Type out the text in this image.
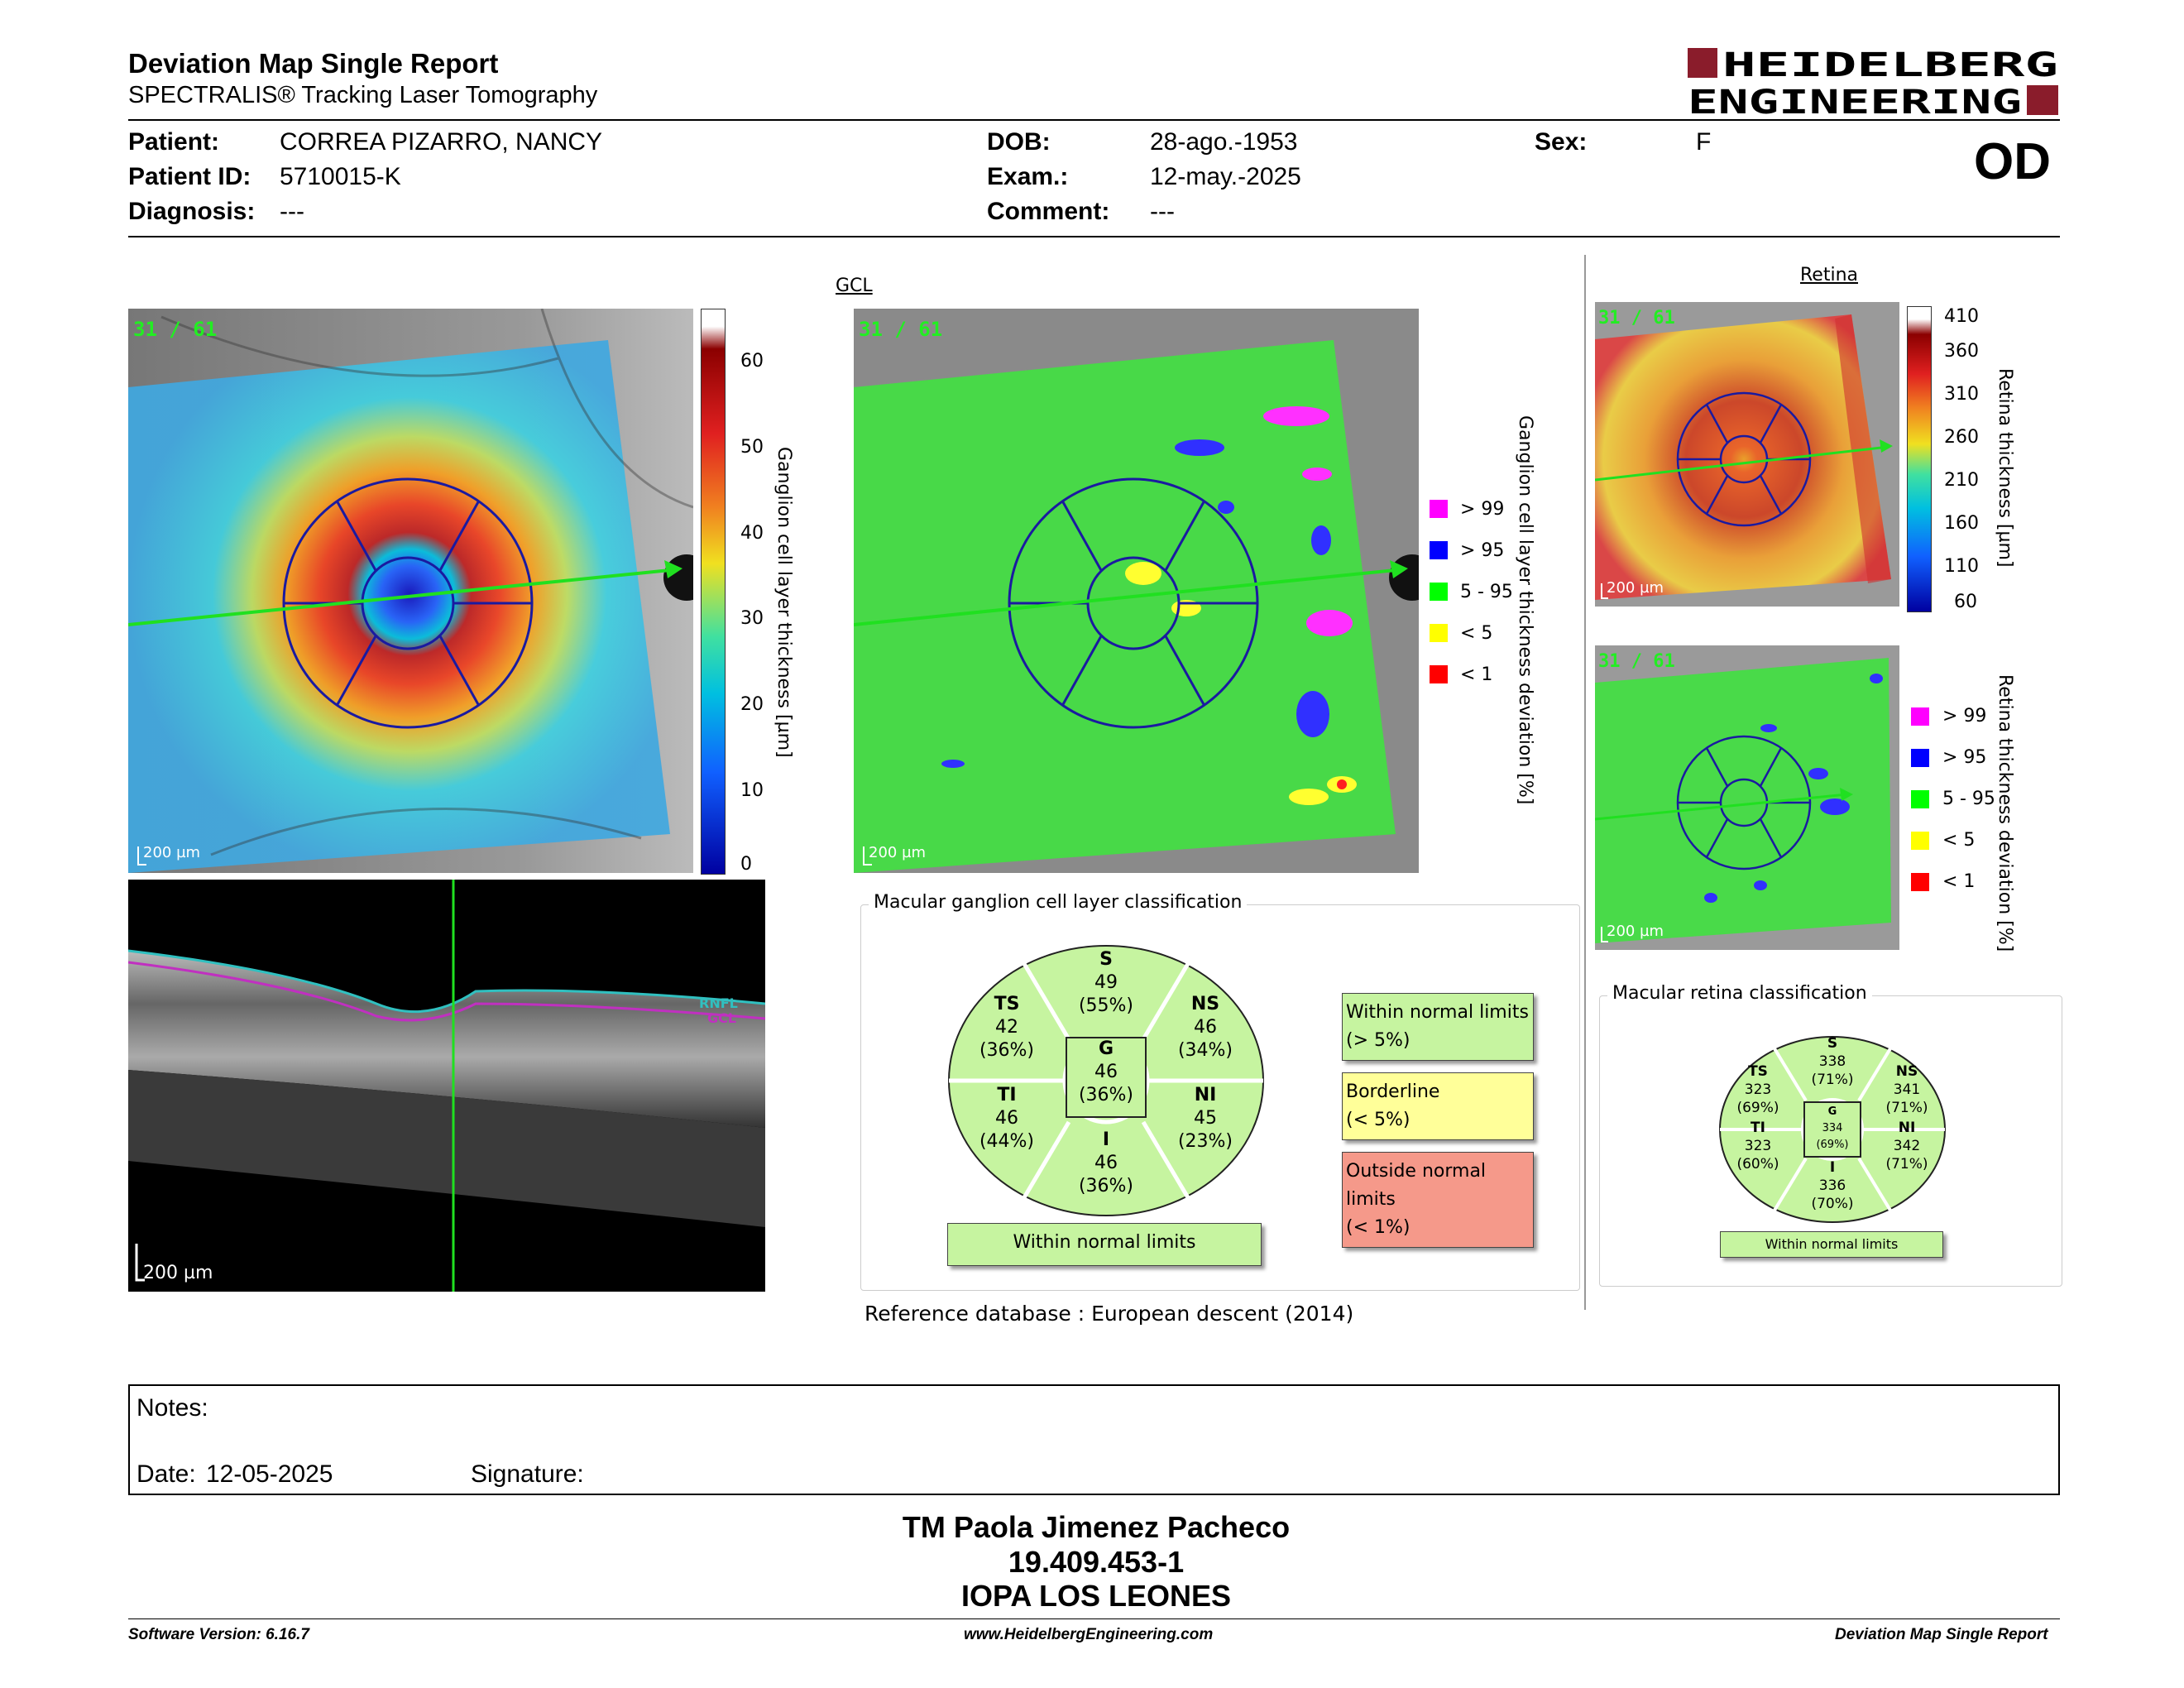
Deviation Map Single Report
SPECTRALIS® Tracking Laser Tomography
HEIDELBERG
ENGINEERING
Patient: CORREA PIZARRO, NANCY
Patient ID: 5710015-K
Diagnosis: ---
DOB:	28-ago.-1953
Exam.:	12-may.-2025
Comment: ---
Sex:	F	OD
31 / 61
200 µm
60
50
40
30
20
10
0
Ganglion cell layer thickness [µm]
RNFL
GCL
200 µm
GCL
31 / 61
200 µm
> 99
> 95
5 - 95
< 5
< 1 Ganglion cell layer thickness deviation [%]
Macular ganglion cell layer classification
S
49
(55%)
TS
42
(36%)
NS
46
(34%)
G
46
(36%)
TI
46
(44%)
NI
45
(23%)
I
46
(36%)
Within normal limits
Within normal limits
(> 5%)
Borderline
(< 5%)
Outside normal limits
(< 1%)
Reference database : European descent (2014)
Retina
31 / 61
200 µm
410
360
310
260
210
160
110
60
Retina thickness [µm]
31 / 61
200 µm
> 99
> 95
5 - 95
< 5
< 1 Retina thickness deviation [%]
Macular retina classification
S
338
(71%)
TS
323
(69%)
NS
341
(71%)
G
334
(69%)
TI
323
(60%)
NI
342
(71%)
I
336
(70%)
Within normal limits
Notes:
Date: 12-05-2025	Signature:
TM Paola Jimenez Pacheco
19.409.453-1
IOPA LOS LEONES
Software Version: 6.16.7	www.HeidelbergEngineering.com	Deviation Map Single Report
